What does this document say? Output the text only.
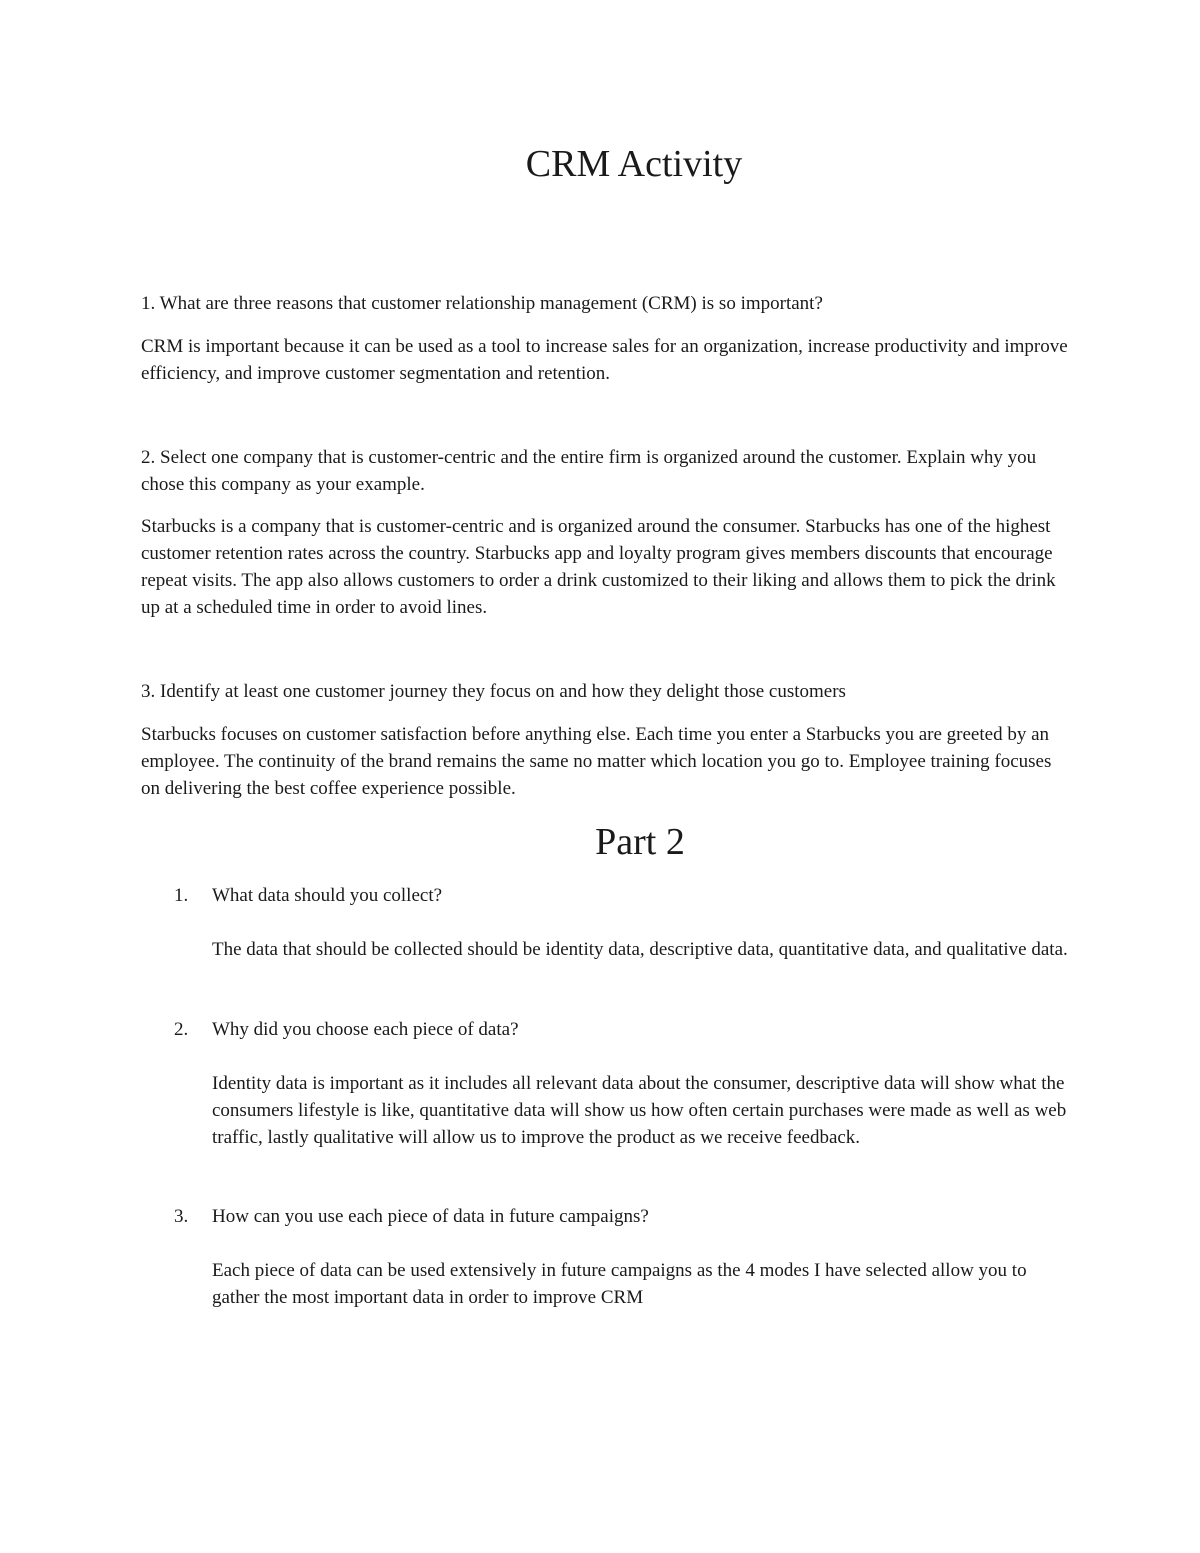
CRM Activity

1. What are three reasons that customer relationship management (CRM) is so important?

CRM is important because it can be used as a tool to increase sales for an organization, increase productivity and improve efficiency, and improve customer segmentation and retention.

2. Select one company that is customer-centric and the entire firm is organized around the customer. Explain why you chose this company as your example.

Starbucks is a company that is customer-centric and is organized around the consumer. Starbucks has one of the highest customer retention rates across the country. Starbucks app and loyalty program gives members discounts that encourage repeat visits. The app also allows customers to order a drink customized to their liking and allows them to pick the drink up at a scheduled time in order to avoid lines.

3. Identify at least one customer journey they focus on and how they delight those customers

Starbucks focuses on customer satisfaction before anything else. Each time you enter a Starbucks you are greeted by an employee. The continuity of the brand remains the same no matter which location you go to. Employee training focuses on delivering the best coffee experience possible.

Part 2
1. What data should you collect?

The data that should be collected should be identity data, descriptive data, quantitative data, and qualitative data.

2. Why did you choose each piece of data?

Identity data is important as it includes all relevant data about the consumer, descriptive data will show what the consumers lifestyle is like, quantitative data will show us how often certain purchases were made as well as web traffic, lastly qualitative will allow us to improve the product as we receive feedback.

3. How can you use each piece of data in future campaigns?

Each piece of data can be used extensively in future campaigns as the 4 modes I have selected allow you to gather the most important data in order to improve CRM
